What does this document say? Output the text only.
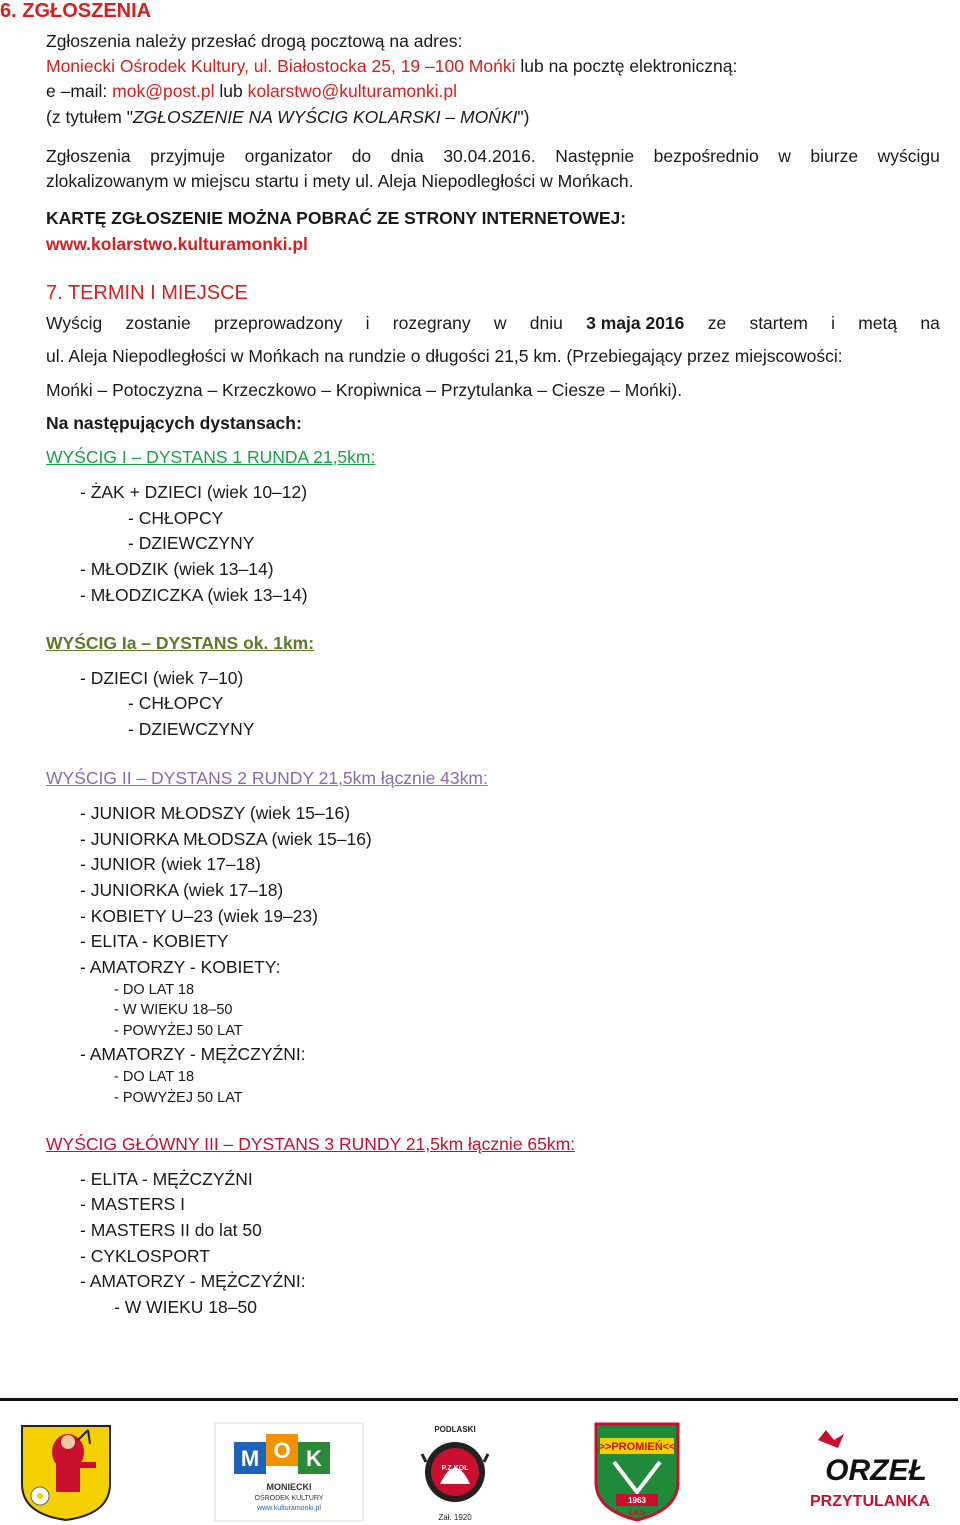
6. ZGŁOSZENIA
Zgłoszenia należy przesłać drogą pocztową na adres:
Moniecki Ośrodek Kultury, ul. Białostocka 25, 19 –100 Mońki lub na pocztę elektroniczną:
e –mail: mok@post.pl lub kolarstwo@kulturamonki.pl
(z tytułem "ZGŁOSZENIE NA WYŚCIG KOLARSKI – MOŃKI")
Zgłoszenia przyjmuje organizator do dnia 30.04.2016. Następnie bezpośrednio w biurze wyścigu
zlokalizowanym w miejscu startu i mety ul. Aleja Niepodległości w Mońkach.
KARTĘ ZGŁOSZENIE MOŻNA POBRAĆ ZE STRONY INTERNETOWEJ:
www.kolarstwo.kulturamonki.pl
7. TERMIN I MIEJSCE
Wyścig zostanie przeprowadzony i rozegrany w dniu 3 maja 2016 ze startem i metą na
ul. Aleja Niepodległości w Mońkach na rundzie o długości 21,5 km. (Przebiegający przez miejscowości:
Mońki – Potoczyzna – Krzeczkowo – Kropiwnica – Przytulanka – Ciesze – Mońki).
Na następujących dystansach:
WYŚCIG I – DYSTANS 1 RUNDA 21,5km:
- ŻAK + DZIECI (wiek 10–12)
- CHŁOPCY
- DZIEWCZYNY
- MŁODZIK (wiek 13–14)
- MŁODZICZKA (wiek 13–14)
WYŚCIG Ia – DYSTANS ok. 1km:
- DZIECI (wiek 7–10)
- CHŁOPCY
- DZIEWCZYNY
WYŚCIG II – DYSTANS 2 RUNDY 21,5km łącznie 43km:
- JUNIOR MŁODSZY (wiek 15–16)
- JUNIORKA MŁODSZA (wiek 15–16)
- JUNIOR (wiek 17–18)
- JUNIORKA (wiek 17–18)
- KOBIETY U–23 (wiek 19–23)
- ELITA - KOBIETY
- AMATORZY - KOBIETY:
- DO LAT 18
- W WIEKU 18–50
- POWYŻEJ 50 LAT
- AMATORZY - MĘŻCZYŹNI:
- DO LAT 18
- POWYŻEJ 50 LAT
WYŚCIG GŁÓWNY III – DYSTANS 3 RUNDY 21,5km łącznie 65km:
- ELITA - MĘŻCZYŹNI
- MASTERS I
- MASTERS II do lat 50
- CYKLOSPORT
- AMATORZY - MĘŻCZYŹNI:
- W WIEKU 18–50
M O K
MONIECKI
OŚRODEK KULTURY
www.kulturamonki.pl
PODLASKI
P.Z.KOL
Zał. 1920
>>PROMIEŃ<<
1963
LKS
ORZEŁ
PRZYTULANKA
